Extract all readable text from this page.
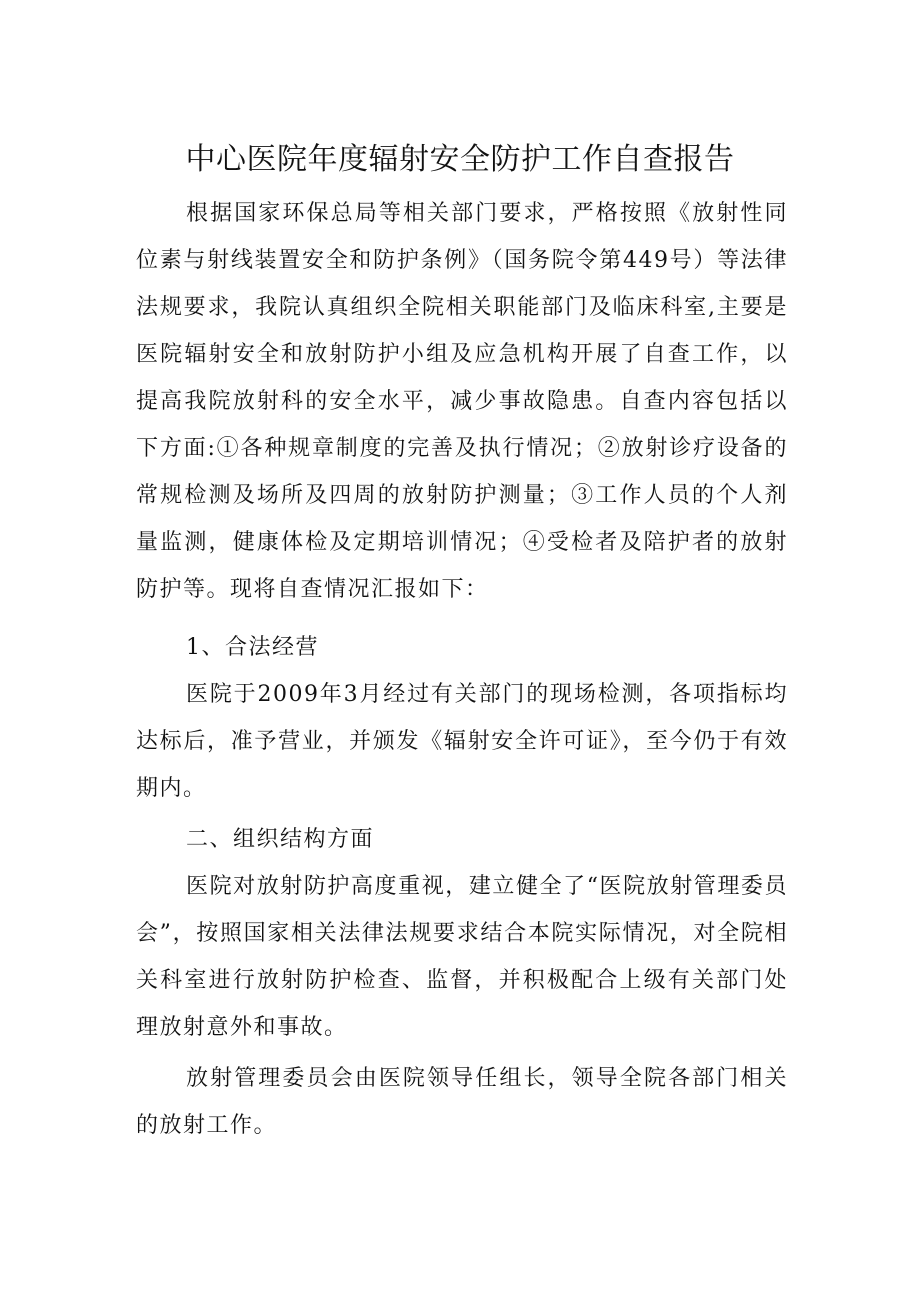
中心医院年度辐射安全防护工作自查报告

根据国家环保总局等相关部门要求，严格按照《放射性同位素与射线装置安全和防护条例》（国务院令第449号）等法律法规要求，我院认真组织全院相关职能部门及临床科室,主要是医院辐射安全和放射防护小组及应急机构开展了自查工作，以提高我院放射科的安全水平，减少事故隐患。自查内容包括以下方面:①各种规章制度的完善及执行情况；②放射诊疗设备的常规检测及场所及四周的放射防护测量；③工作人员的个人剂量监测，健康体检及定期培训情况；④受检者及陪护者的放射防护等。现将自查情况汇报如下：

1、合法经营

医院于2009年3月经过有关部门的现场检测，各项指标均达标后，准予营业，并颁发《辐射安全许可证》，至今仍于有效期内。

二、组织结构方面

医院对放射防护高度重视，建立健全了“医院放射管理委员会”，按照国家相关法律法规要求结合本院实际情况，对全院相关科室进行放射防护检查、监督，并积极配合上级有关部门处理放射意外和事故。

放射管理委员会由医院领导任组长，领导全院各部门相关的放射工作。
